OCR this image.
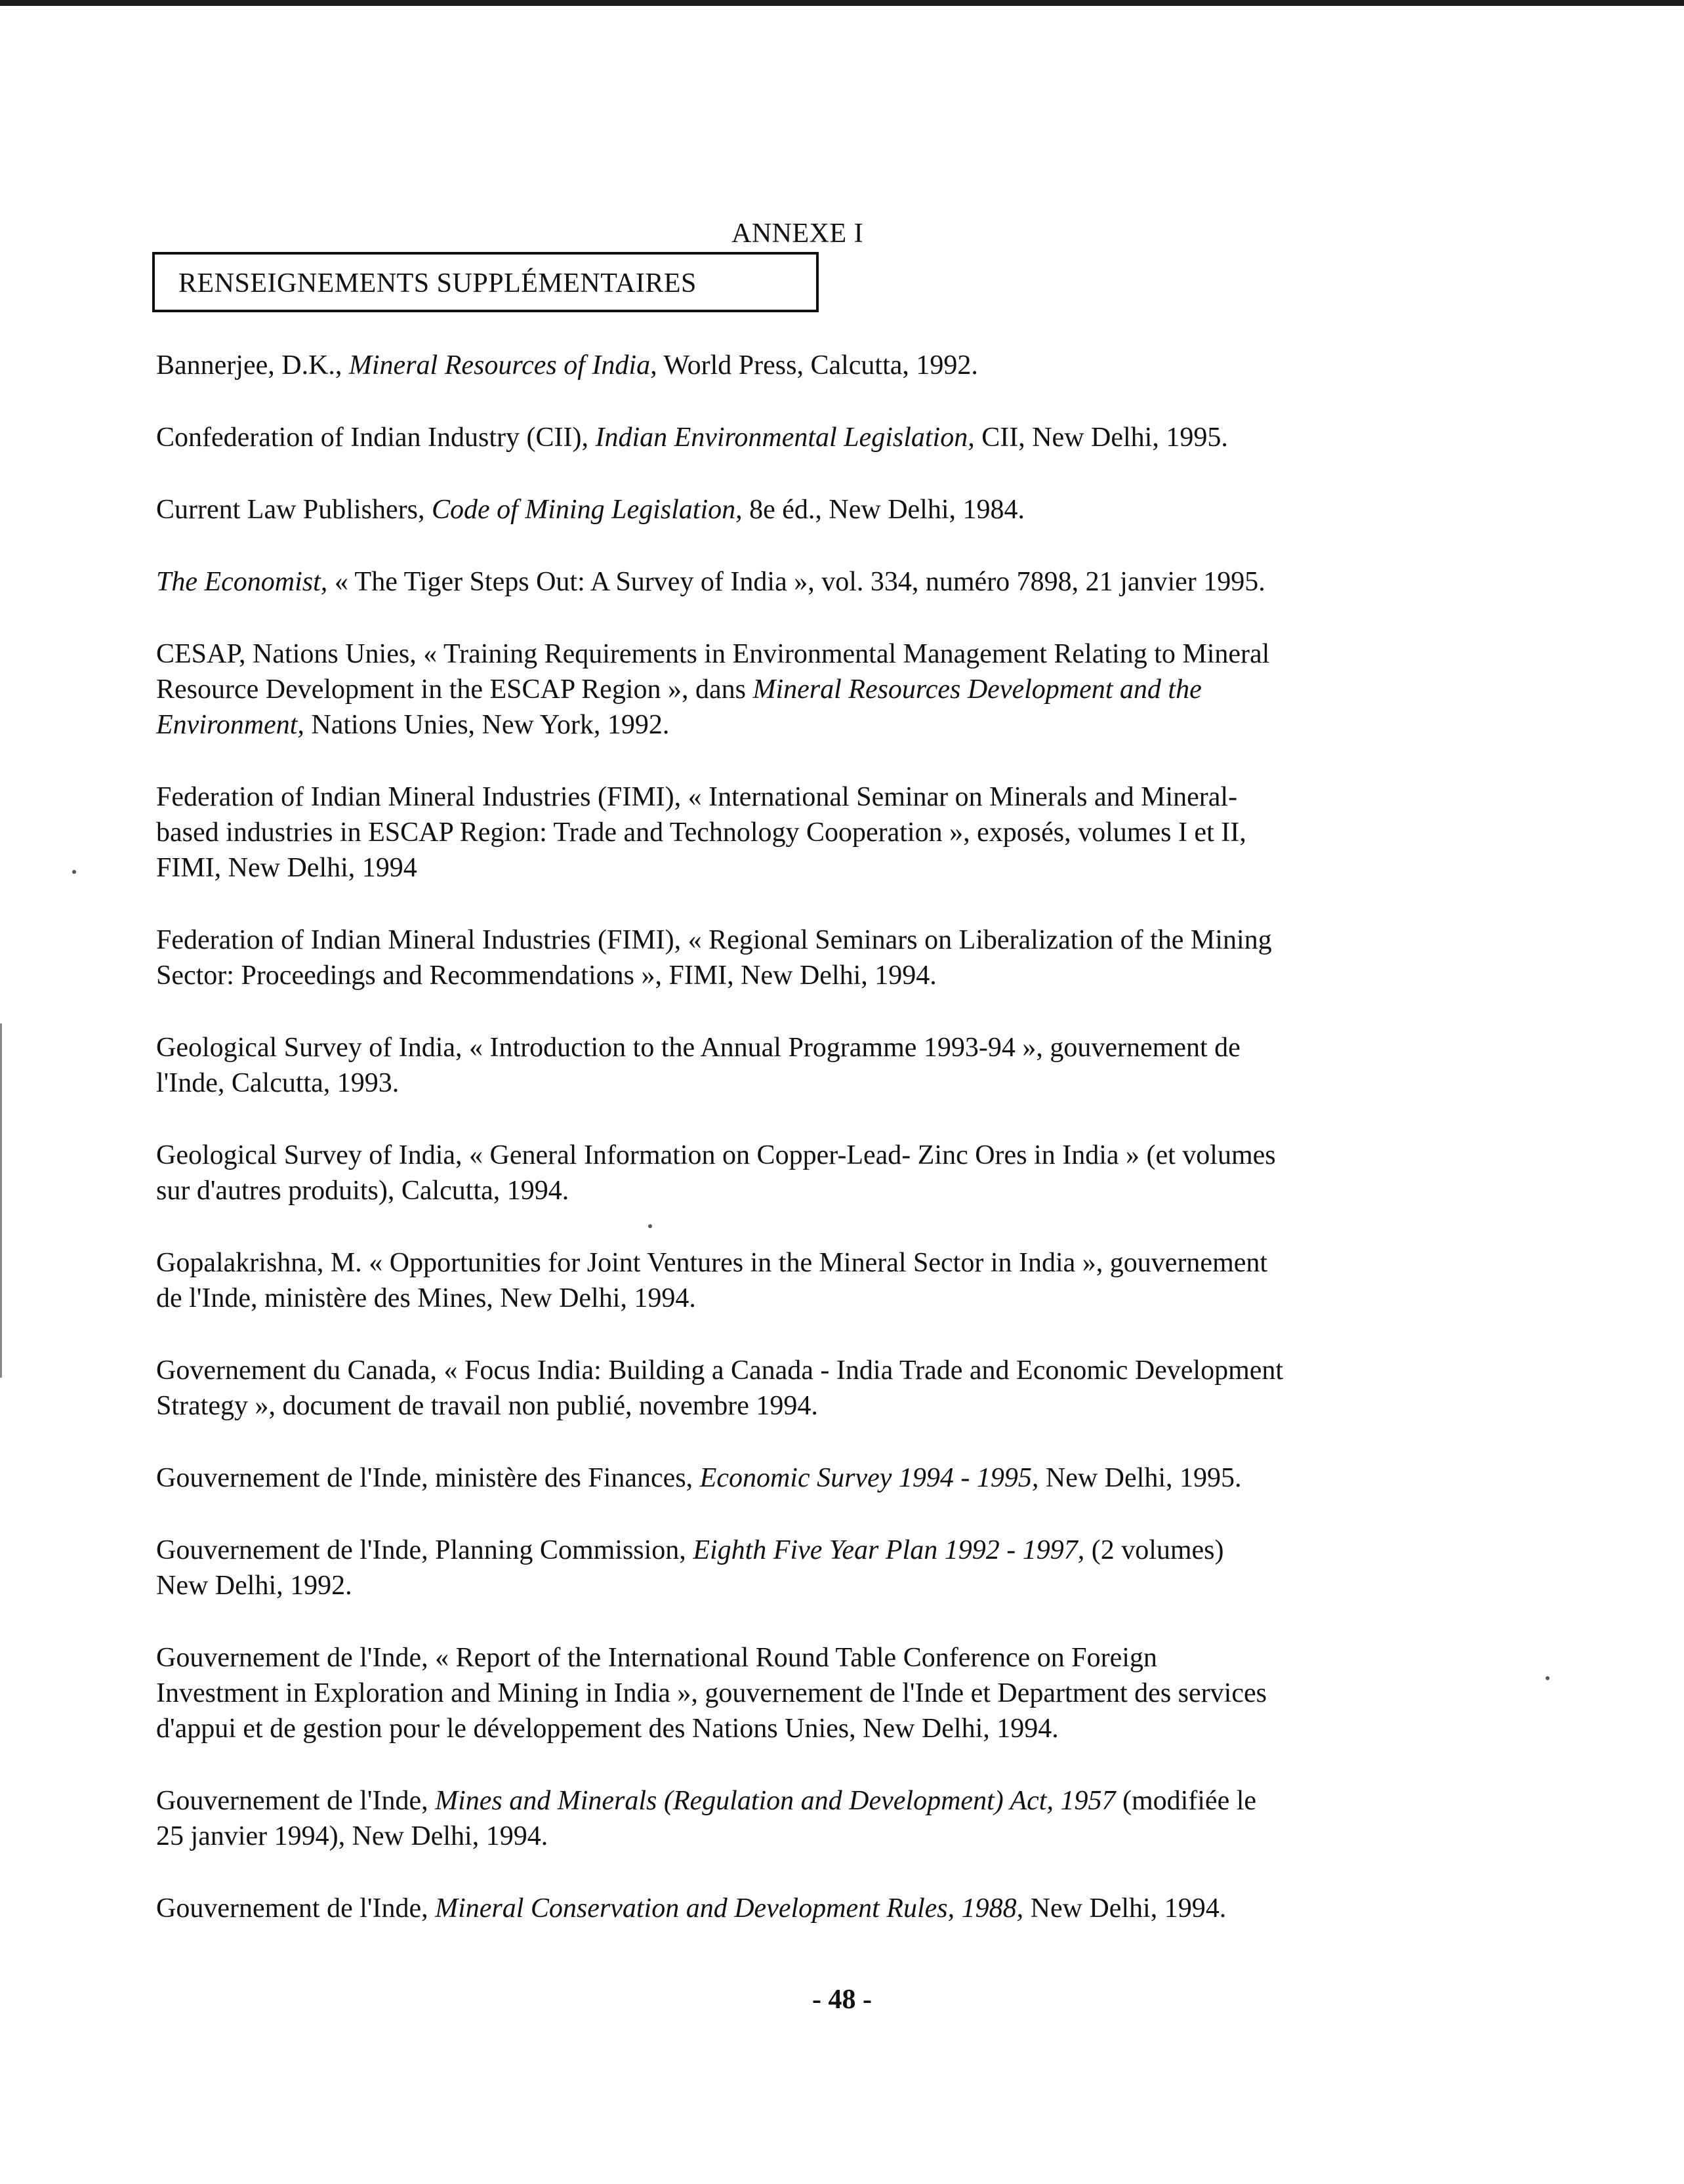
ANNEXE I
RENSEIGNEMENTS SUPPLÉMENTAIRES
Bannerjee, D.K., Mineral Resources of India, World Press, Calcutta, 1992.
Confederation of Indian Industry (CII), Indian Environmental Legislation, CII, New Delhi, 1995.
Current Law Publishers, Code of Mining Legislation, 8e éd., New Delhi, 1984.
The Economist, « The Tiger Steps Out: A Survey of India », vol. 334, numéro 7898, 21 janvier 1995.
CESAP, Nations Unies, « Training Requirements in Environmental Management Relating to Mineral
Resource Development in the ESCAP Region », dans Mineral Resources Development and the
Environment, Nations Unies, New York, 1992.
Federation of Indian Mineral Industries (FIMI), « International Seminar on Minerals and Mineral-
based industries in ESCAP Region: Trade and Technology Cooperation », exposés, volumes I et II,
FIMI, New Delhi, 1994
Federation of Indian Mineral Industries (FIMI), « Regional Seminars on Liberalization of the Mining
Sector: Proceedings and Recommendations », FIMI, New Delhi, 1994.
Geological Survey of India, « Introduction to the Annual Programme 1993-94 », gouvernement de
l'Inde, Calcutta, 1993.
Geological Survey of India, « General Information on Copper-Lead- Zinc Ores in India » (et volumes
sur d'autres produits), Calcutta, 1994.
Gopalakrishna, M. « Opportunities for Joint Ventures in the Mineral Sector in India », gouvernement
de l'Inde, ministère des Mines, New Delhi, 1994.
Governement du Canada, « Focus India: Building a Canada - India Trade and Economic Development
Strategy », document de travail non publié, novembre 1994.
Gouvernement de l'Inde, ministère des Finances, Economic Survey 1994 - 1995, New Delhi, 1995.
Gouvernement de l'Inde, Planning Commission, Eighth Five Year Plan 1992 - 1997, (2 volumes)
New Delhi, 1992.
Gouvernement de l'Inde, « Report of the International Round Table Conference on Foreign
Investment in Exploration and Mining in India », gouvernement de l'Inde et Department des services
d'appui et de gestion pour le développement des Nations Unies, New Delhi, 1994.
Gouvernement de l'Inde, Mines and Minerals (Regulation and Development) Act, 1957 (modifiée le
25 janvier 1994), New Delhi, 1994.
Gouvernement de l'Inde, Mineral Conservation and Development Rules, 1988, New Delhi, 1994.
- 48 -
